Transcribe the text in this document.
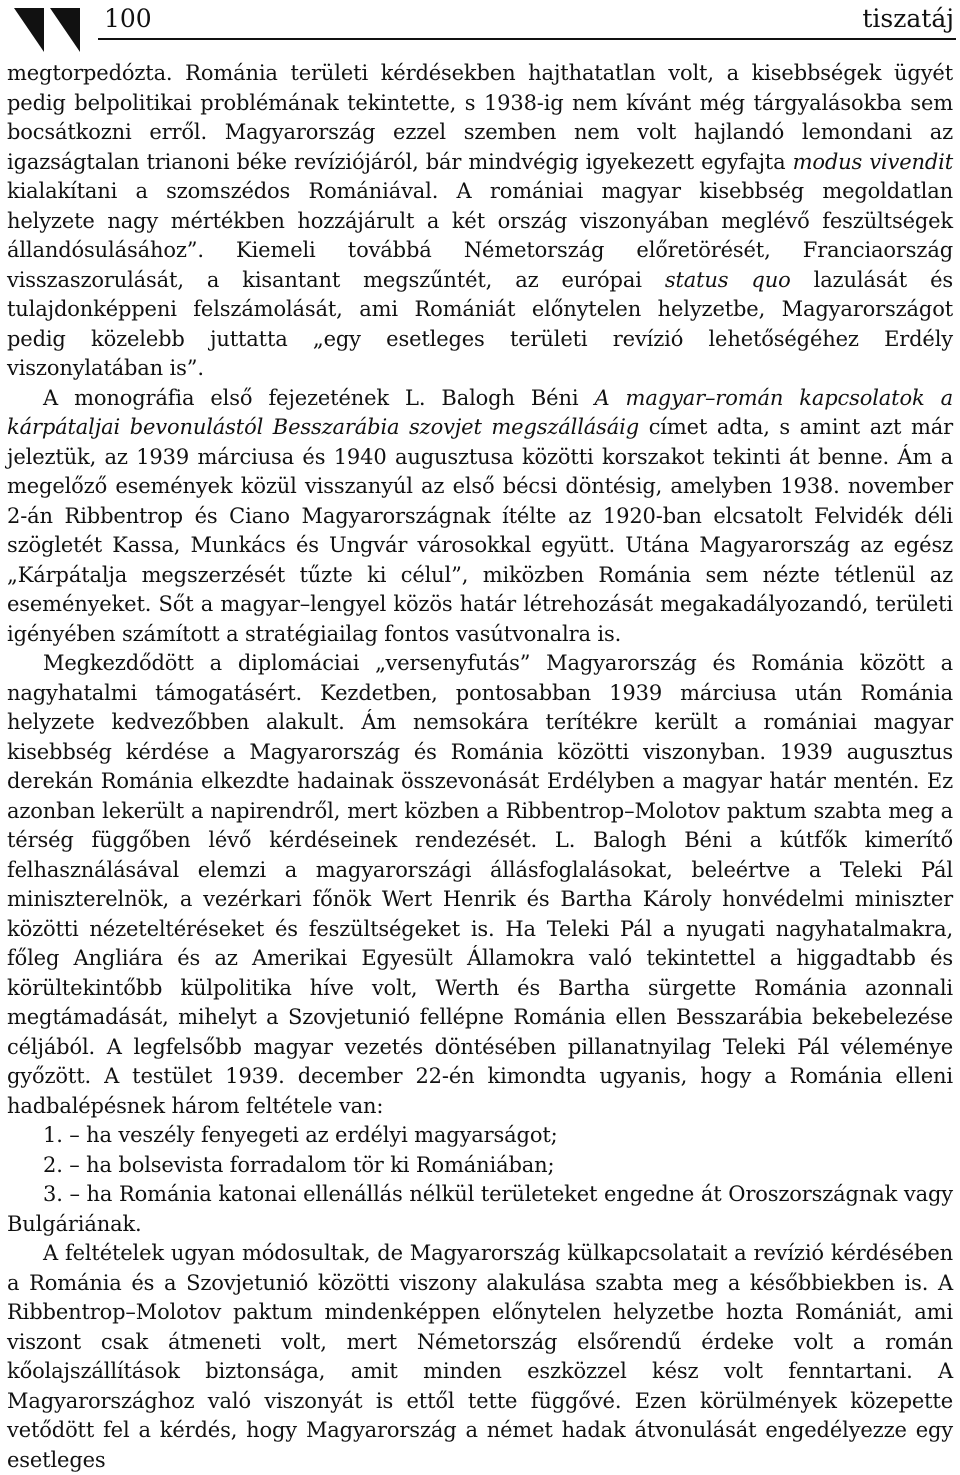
100	tiszatáj

megtorpedózta. Románia területi kérdésekben hajthatatlan volt, a kisebbségek ügyét pedig belpolitikai problémának tekintette, s 1938-ig nem kívánt még tárgyalásokba sem bocsátkozni erről. Magyarország ezzel szemben nem volt hajlandó lemondani az igazságtalan trianoni béke revíziójáról, bár mindvégig igyekezett egyfajta modus vivendit kialakítani a szomszédos Romániával. A romániai magyar kisebbség megoldatlan helyzete nagy mértékben hozzájárult a két ország viszonyában meglévő feszültségek állandósulásához”. Kiemeli továbbá Németország előretörését, Franciaország visszaszorulását, a kisantant megszűntét, az európai status quo lazulását és tulajdonképpeni felszámolását, ami Romániát előnytelen helyzetbe, Magyarországot pedig közelebb juttatta „egy esetleges területi revízió lehetőségéhez Erdély viszonylatában is”.

A monográfia első fejezetének L. Balogh Béni A magyar–román kapcsolatok a kárpátaljai bevonulástól Besszarábia szovjet megszállásáig címet adta, s amint azt már jeleztük, az 1939 márciusa és 1940 augusztusa közötti korszakot tekinti át benne. Ám a megelőző események közül visszanyúl az első bécsi döntésig, amelyben 1938. november 2-án Ribbentrop és Ciano Magyarországnak ítélte az 1920-ban elcsatolt Felvidék déli szögletét Kassa, Munkács és Ungvár városokkal együtt. Utána Magyarország az egész „Kárpátalja megszerzését tűzte ki célul”, miközben Románia sem nézte tétlenül az eseményeket. Sőt a magyar–lengyel közös határ létrehozását megakadályozandó, területi igényében számított a stratégiailag fontos vasútvonalra is.

Megkezdődött a diplomáciai „versenyfutás” Magyarország és Románia között a nagyhatalmi támogatásért. Kezdetben, pontosabban 1939 márciusa után Románia helyzete kedvezőbben alakult. Ám nemsokára terítékre került a romániai magyar kisebbség kérdése a Magyarország és Románia közötti viszonyban. 1939 augusztus derekán Románia elkezdte hadainak összevonását Erdélyben a magyar határ mentén. Ez azonban lekerült a napirendről, mert közben a Ribbentrop–Molotov paktum szabta meg a térség függőben lévő kérdéseinek rendezését. L. Balogh Béni a kútfők kimerítő felhasználásával elemzi a magyarországi állásfoglalásokat, beleértve a Teleki Pál miniszterelnök, a vezérkari főnök Wert Henrik és Bartha Károly honvédelmi miniszter közötti nézeteltéréseket és feszültségeket is. Ha Teleki Pál a nyugati nagyhatalmakra, főleg Angliára és az Amerikai Egyesült Államokra való tekintettel a higgadtabb és körültekintőbb külpolitika híve volt, Werth és Bartha sürgette Románia azonnali megtámadását, mihelyt a Szovjetunió fellépne Románia ellen Besszarábia bekebelezése céljából. A legfelsőbb magyar vezetés döntésében pillanatnyilag Teleki Pál véleménye győzött. A testület 1939. december 22-én kimondta ugyanis, hogy a Románia elleni hadbalépésnek három feltétele van:

1. – ha veszély fenyegeti az erdélyi magyarságot;

2. – ha bolsevista forradalom tör ki Romániában;

3. – ha Románia katonai ellenállás nélkül területeket engedne át Oroszországnak vagy Bulgáriának.

A feltételek ugyan módosultak, de Magyarország külkapcsolatait a revízió kérdésében a Románia és a Szovjetunió közötti viszony alakulása szabta meg a későbbiekben is. A Ribbentrop–Molotov paktum mindenképpen előnytelen helyzetbe hozta Romániát, ami viszont csak átmeneti volt, mert Németország elsőrendű érdeke volt a román kőolajszállítások biztonsága, amit minden eszközzel kész volt fenntartani. A Magyarországhoz való viszonyát is ettől tette függővé. Ezen körülmények közepette vetődött fel a kérdés, hogy Magyarország a német hadak átvonulását engedélyezze egy esetleges
